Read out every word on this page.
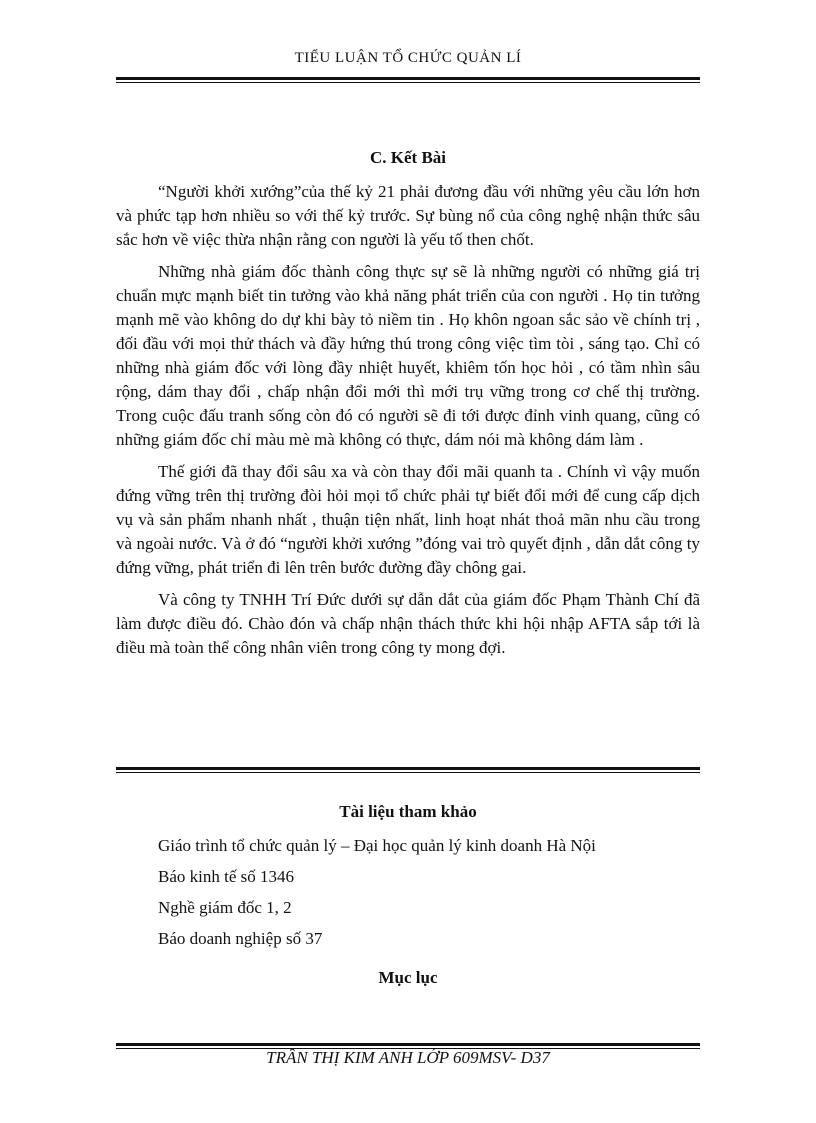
TIỂU LUẬN TỔ CHỨC QUẢN LÍ
C. Kết Bài

“Người khởi xướng”của thế kỷ 21 phải đương đầu với những yêu cầu lớn hơn và phức tạp hơn nhiều so với thế kỷ trước. Sự bùng nổ của công nghệ nhận thức sâu sắc hơn về việc thừa nhận rằng con người là yếu tố then chốt.

Những nhà giám đốc thành công thực sự sẽ là những người có những giá trị chuẩn mực mạnh biết tin tưởng vào khả năng phát triển của con người . Họ tin tưởng mạnh mẽ vào không do dự khi bày tỏ niềm tin . Họ khôn ngoan sắc sảo về chính trị , đối đầu với mọi thử thách và đầy hứng thú trong công việc tìm tòi , sáng tạo. Chỉ có những nhà giám đốc với lòng đầy nhiệt huyết, khiêm tốn học hỏi , có tầm nhìn sâu rộng, dám thay đổi , chấp nhận đổi mới thì mới trụ vững trong cơ chế thị trường. Trong cuộc đấu tranh sống còn đó có người sẽ đi tới được đỉnh vinh quang, cũng có những giám đốc chỉ màu mè mà không có thực, dám nói mà không dám làm .

Thế giới đã thay đổi sâu xa và còn thay đổi mãi quanh ta . Chính vì vậy muốn đứng vững trên thị trường đòi hỏi mọi tổ chức phải tự biết đổi mới để cung cấp dịch vụ và sản phẩm nhanh nhất , thuận tiện nhất, linh hoạt nhát thoả mãn nhu cầu trong và ngoài nước. Và ở đó “người khởi xướng ”đóng vai trò quyết định , dẫn dắt công ty đứng vững, phát triển đi lên trên bước đường đầy chông gai.

Và công ty TNHH Trí Đức dưới sự dẫn dắt của giám đốc Phạm Thành Chí đã làm được điều đó. Chào đón và chấp nhận thách thức khi hội nhập AFTA sắp tới là điều mà toàn thể công nhân viên trong công ty mong đợi.

Tài liệu tham khảo
Giáo trình tổ chức quản lý – Đại học quản lý kinh doanh Hà Nội
Báo kinh tế số 1346
Nghề giám đốc 1, 2
Báo doanh nghiệp số 37
Mục lục
TRẦN THỊ KIM ANH LỚP 609MSV- D37
